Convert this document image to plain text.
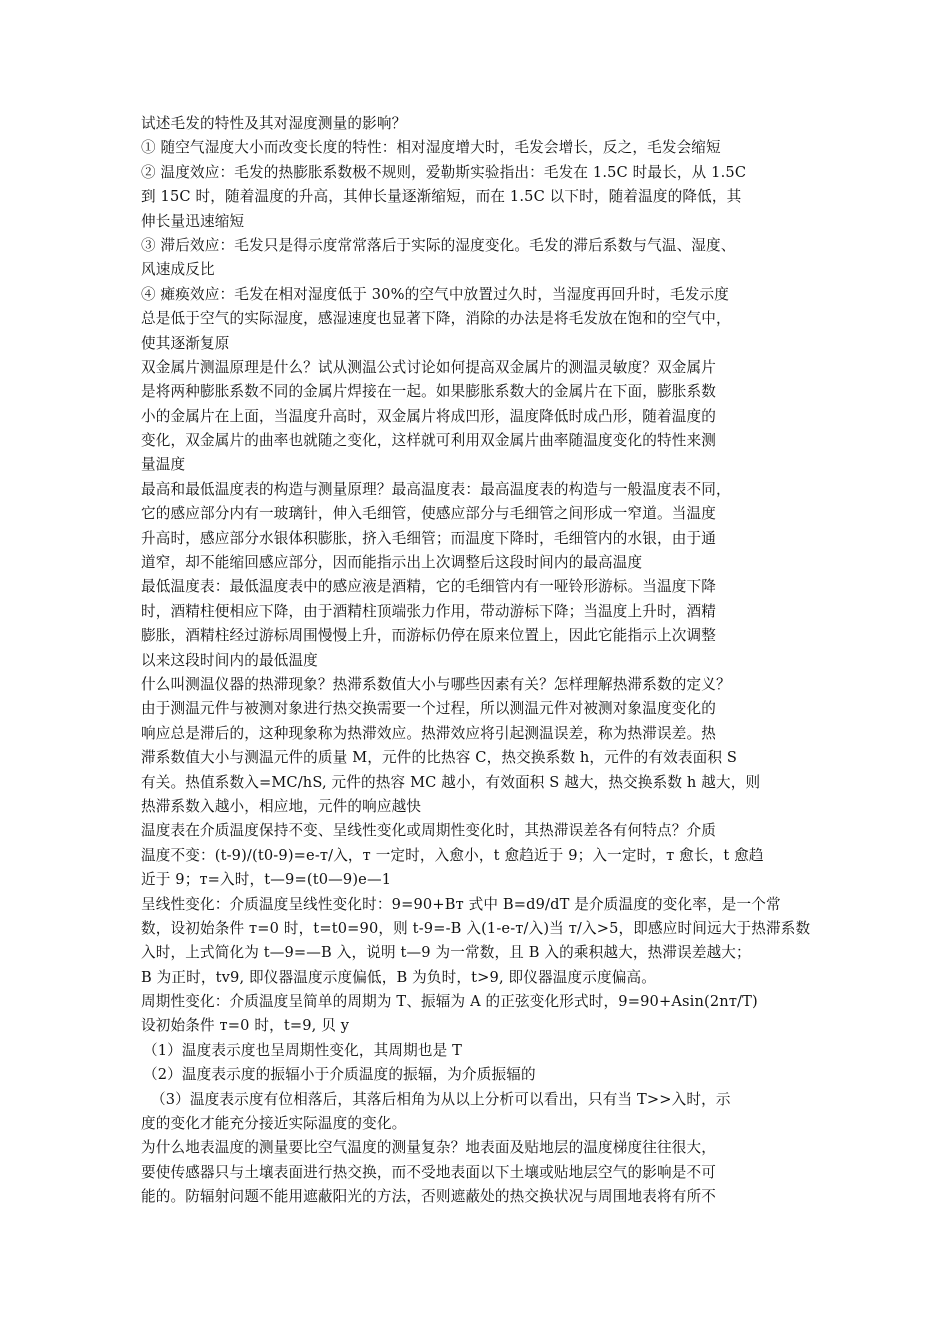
试述毛发的特性及其对湿度测量的影响？
① 随空气湿度大小而改变长度的特性：相对湿度增大时，毛发会增长，反之，毛发会缩短
② 温度效应：毛发的热膨胀系数极不规则，爱勒斯实验指出：毛发在 1.5C 时最长，从 1.5C
到 15C 时，随着温度的升高，其伸长量逐渐缩短，而在 1.5C 以下时，随着温度的降低，其
伸长量迅速缩短
③ 滞后效应：毛发只是得示度常常落后于实际的湿度变化。毛发的滞后系数与气温、湿度、
风速成反比
④ 瘫痪效应：毛发在相对湿度低于 30%的空气中放置过久时，当湿度再回升时，毛发示度
总是低于空气的实际湿度，感湿速度也显著下降，消除的办法是将毛发放在饱和的空气中，
使其逐渐复原
双金属片测温原理是什么？试从测温公式讨论如何提高双金属片的测温灵敏度？双金属片
是将两种膨胀系数不同的金属片焊接在一起。如果膨胀系数大的金属片在下面，膨胀系数
小的金属片在上面，当温度升高时，双金属片将成凹形，温度降低时成凸形，随着温度的
变化，双金属片的曲率也就随之变化，这样就可利用双金属片曲率随温度变化的特性来测
量温度
最高和最低温度表的构造与测量原理？最高温度表：最高温度表的构造与一般温度表不同，
它的感应部分内有一玻璃针，伸入毛细管，使感应部分与毛细管之间形成一窄道。当温度
升高时，感应部分水银体积膨胀，挤入毛细管；而温度下降时，毛细管内的水银，由于通
道窄，却不能缩回感应部分，因而能指示出上次调整后这段时间内的最高温度
最低温度表：最低温度表中的感应液是酒精，它的毛细管内有一哑铃形游标。当温度下降
时，酒精柱便相应下降，由于酒精柱顶端张力作用，带动游标下降；当温度上升时，酒精
膨胀，酒精柱经过游标周围慢慢上升，而游标仍停在原来位置上，因此它能指示上次调整
以来这段时间内的最低温度
什么叫测温仪器的热滞现象？热滞系数值大小与哪些因素有关？怎样理解热滞系数的定义？
由于测温元件与被测对象进行热交换需要一个过程，所以测温元件对被测对象温度变化的
响应总是滞后的，这种现象称为热滞效应。热滞效应将引起测温误差，称为热滞误差。热
滞系数值大小与测温元件的质量 M，元件的比热容 C，热交换系数 h，元件的有效表面积 S
有关。热值系数入=MC/hS, 元件的热容 MC 越小，有效面积 S 越大，热交换系数 h 越大，则
热滞系数入越小，相应地，元件的响应越快
温度表在介质温度保持不变、呈线性变化或周期性变化时，其热滞误差各有何特点？介质
温度不变：(t-9)/(t0-9)=e-т/入，т 一定时，入愈小，t 愈趋近于 9；入一定时，т 愈长，t 愈趋
近于 9；т=入时，t—9=(t0—9)e—1
呈线性变化：介质温度呈线性变化时：9=90+Bт 式中 B=d9/dT 是介质温度的变化率，是一个常
数，设初始条件 т=0 时，t=t0=90，则 t-9=-B 入(1-e-т/入)当 т/入>5，即感应时间远大于热滞系数
入时，上式简化为 t—9=—B 入，说明 t—9 为一常数，且 B 入的乘积越大，热滞误差越大；
B 为正时，tv9, 即仪器温度示度偏低，B 为负时，t>9, 即仪器温度示度偏高。
周期性变化：介质温度呈简单的周期为 T、振辐为 A 的正弦变化形式时，9=90+Asin(2nт/T)
设初始条件 т=0 时，t=9, 贝 y
（1）温度表示度也呈周期性变化，其周期也是 T
（2）温度表示度的振辐小于介质温度的振辐，为介质振辐的
（3）温度表示度有位相落后，其落后相角为从以上分析可以看出，只有当 T>>入时，示
度的变化才能充分接近实际温度的变化。
为什么地表温度的测量要比空气温度的测量复杂？地表面及贴地层的温度梯度往往很大，
要使传感器只与土壤表面进行热交换，而不受地表面以下土壤或贴地层空气的影响是不可
能的。防辐射问题不能用遮蔽阳光的方法，否则遮蔽处的热交换状况与周围地表将有所不
